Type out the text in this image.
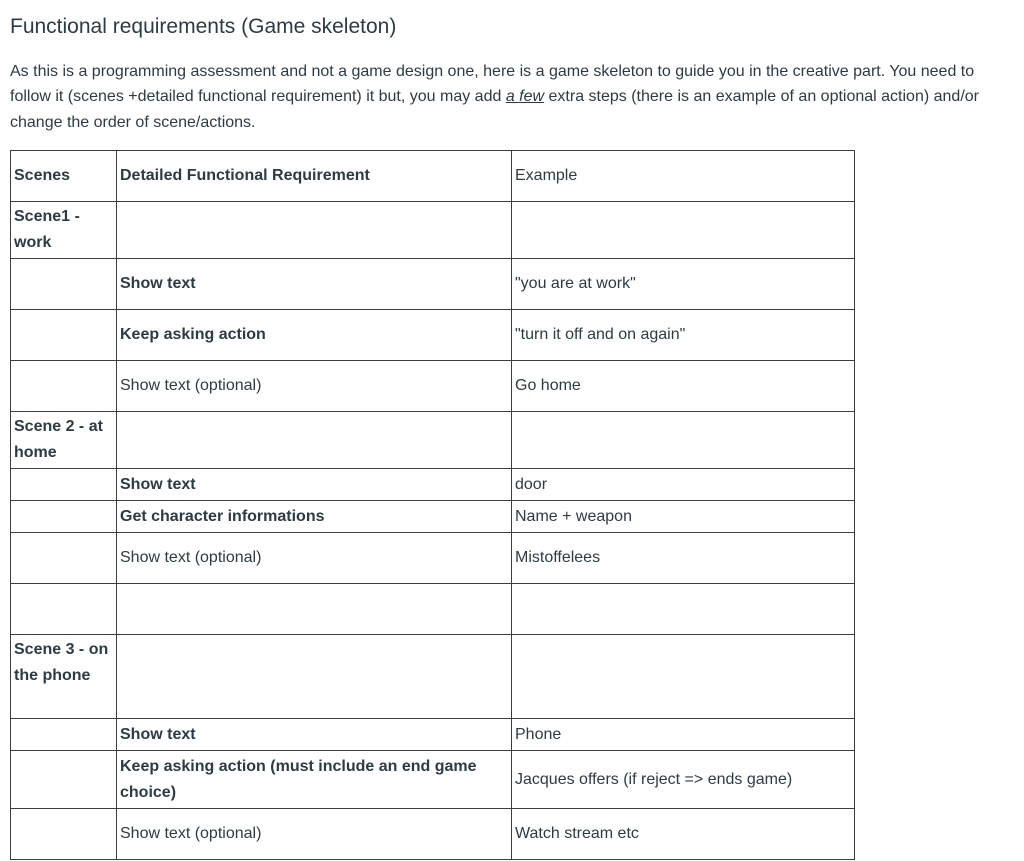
Functional requirements (Game skeleton)

As this is a programming assessment and not a game design one, here is a game skeleton to guide you in the creative part. You need to follow it (scenes +detailed functional requirement) it but, you may add a few extra steps (there is an example of an optional action) and/or change the order of scene/actions.

Scenes	Detailed Functional Requirement	Example
Scene1 - work		
	Show text	"you are at work"
	Keep asking action	"turn it off and on again"
	Show text (optional)	Go home
Scene 2 - at home		
	Show text	door
	Get character informations	Name + weapon
	Show text (optional)	Mistoffelees

Scene 3 - on the phone		
	Show text	Phone
	Keep asking action (must include an end game choice)	Jacques offers (if reject => ends game)
	Show text (optional)	Watch stream etc
